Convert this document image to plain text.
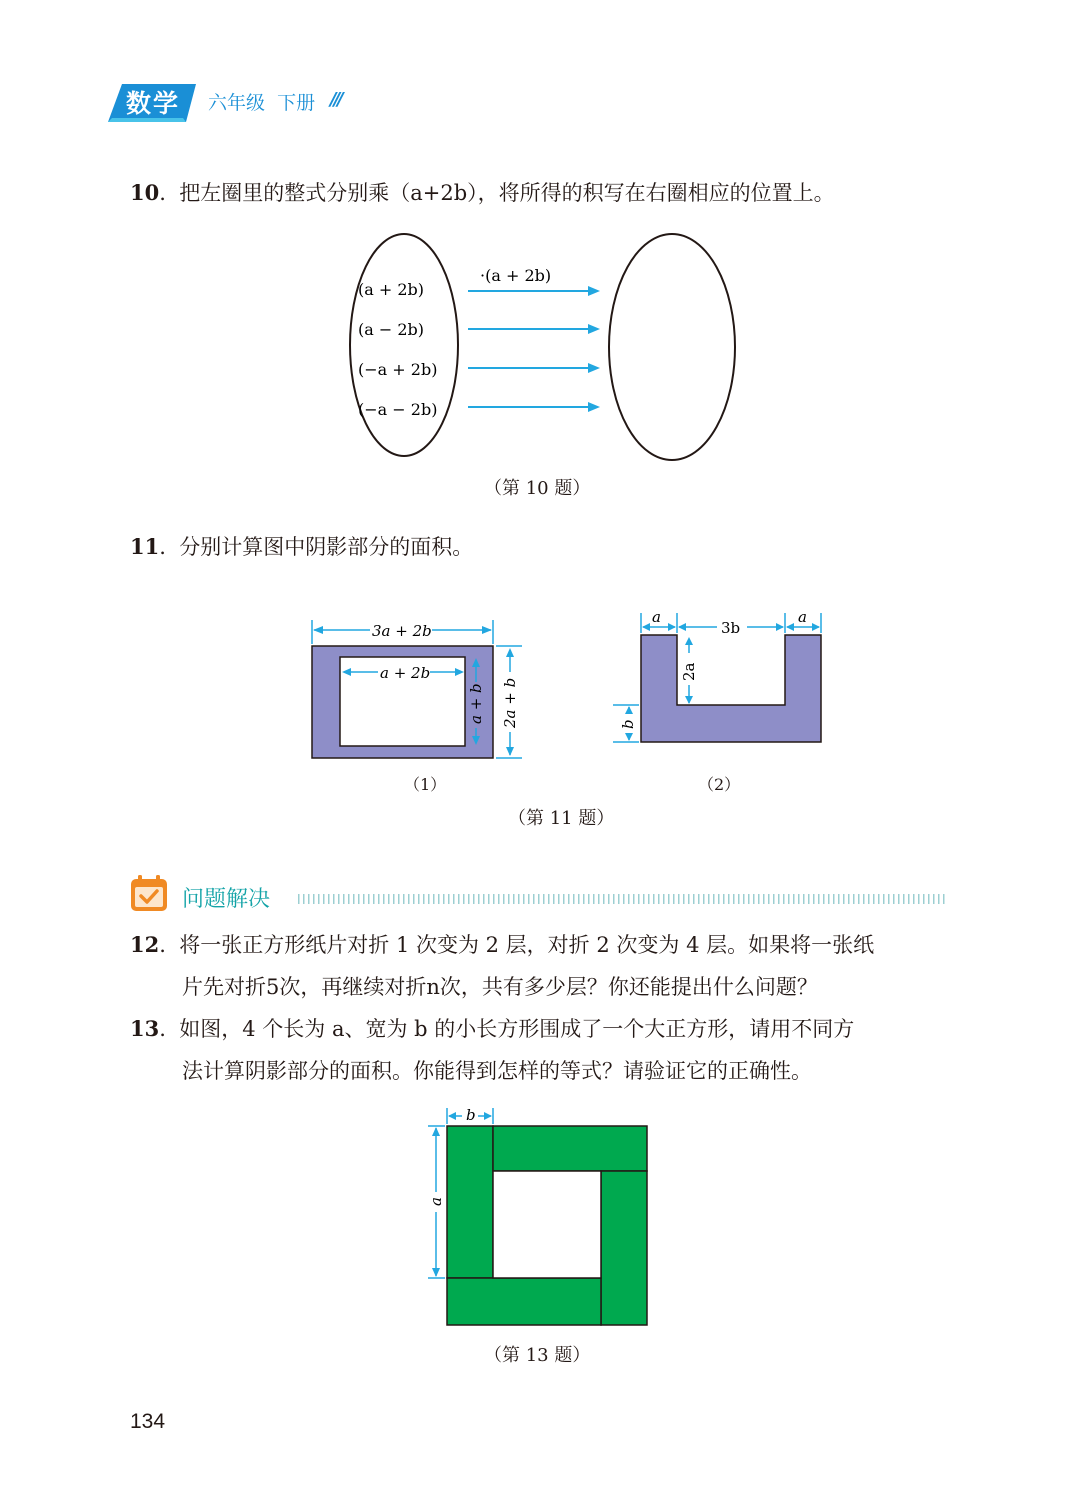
数学 六年级 下册 ///
10.  把左圈里的整式分别乘（a+2b），将所得的积写在右圈相应的位置上。
(a + 2b)
(a − 2b)
(−a + 2b)
(−a − 2b)
·(a + 2b)
（第 10 题）
11.  分别计算图中阴影部分的面积。
3a + 2b
a + 2b
a + b 2a + b
（1）
a
3b
a
2a
b
（2）
（第 11 题）
问题解决
12.  将一张正方形纸片对折 1 次变为 2 层，对折 2 次变为 4 层。如果将一张纸
片先对折5次，再继续对折n次，共有多少层？你还能提出什么问题？
13.  如图，4 个长为 a、宽为 b 的小长方形围成了一个大正方形，请用不同方
法计算阴影部分的面积。你能得到怎样的等式？请验证它的正确性。
b
a
（第 13 题）
134
